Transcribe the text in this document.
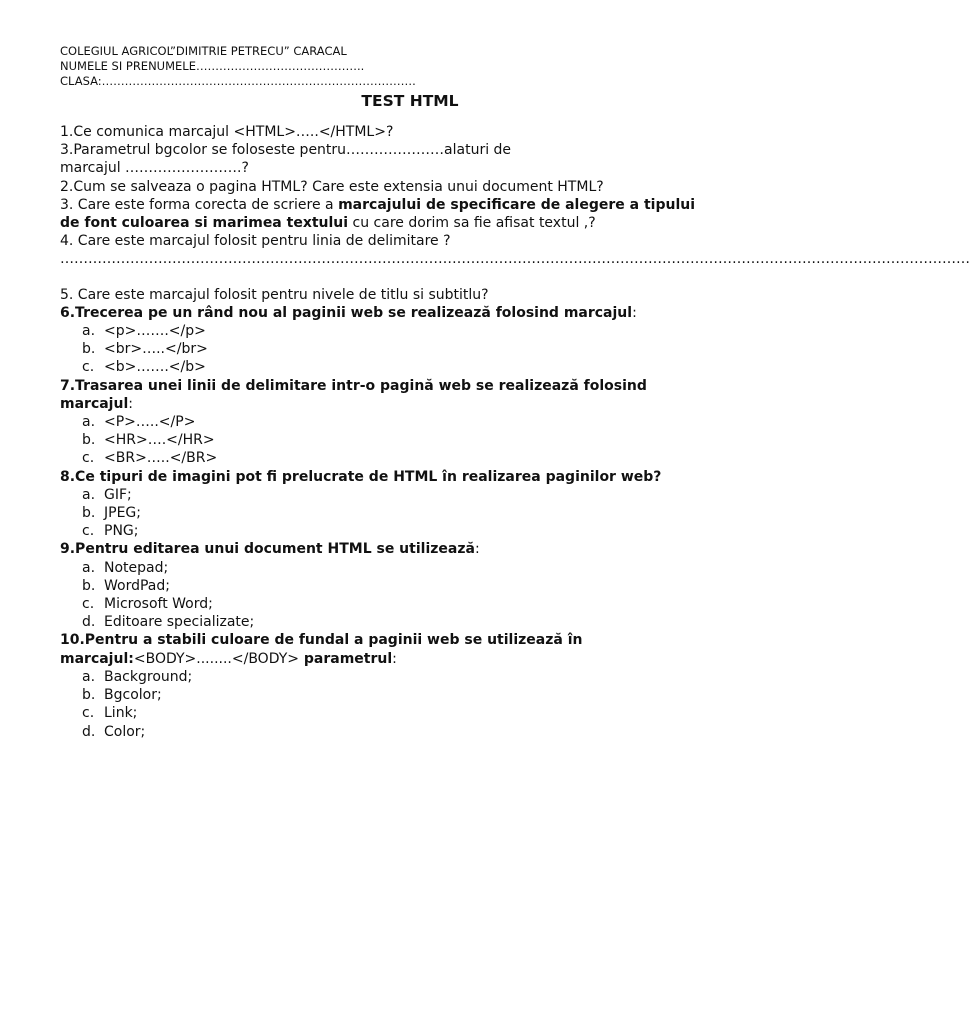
COLEGIUL AGRICOL”DIMITRIE PETRECU” CARACAL
NUMELE SI PRENUMELE……………………………………..
CLASA:……………………………………………………………………….
TEST HTML
1.Ce comunica marcajul <HTML>…..</HTML>?
3.Parametrul bgcolor se foloseste pentru…………………alaturi de
marcajul …………………….?
2.Cum se salveaza o pagina HTML? Care este extensia unui document HTML?
3. Care este forma corecta de scriere a marcajului de specificare de alegere a tipului de font culoarea si marimea textului cu care dorim sa fie afisat textul ,?
4. Care este marcajul folosit pentru linia de delimitare ?
……………………………………………………………………………………………………………………………………………………………………………
5. Care este marcajul folosit pentru nivele de titlu si subtitlu?
6.Trecerea pe un rând nou al paginii web se realizează folosind marcajul:
a. <p>…….</p>
b. <br>…..</br>
c. <b>…….</b>
7.Trasarea unei linii de delimitare intr-o pagină web se realizează folosind marcajul:
a. <P>…..</P>
b. <HR>….</HR>
c. <BR>…..</BR>
8.Ce tipuri de imagini pot fi prelucrate de HTML în realizarea paginilor web?
a. GIF;
b. JPEG;
c. PNG;
9.Pentru editarea unui document HTML se utilizează:
a. Notepad;
b. WordPad;
c. Microsoft Word;
d. Editoare specializate;
10.Pentru a stabili culoare de fundal a paginii web se utilizează în
marcajul:<BODY>........</BODY> parametrul:
a. Background;
b. Bgcolor;
c. Link;
d. Color;
